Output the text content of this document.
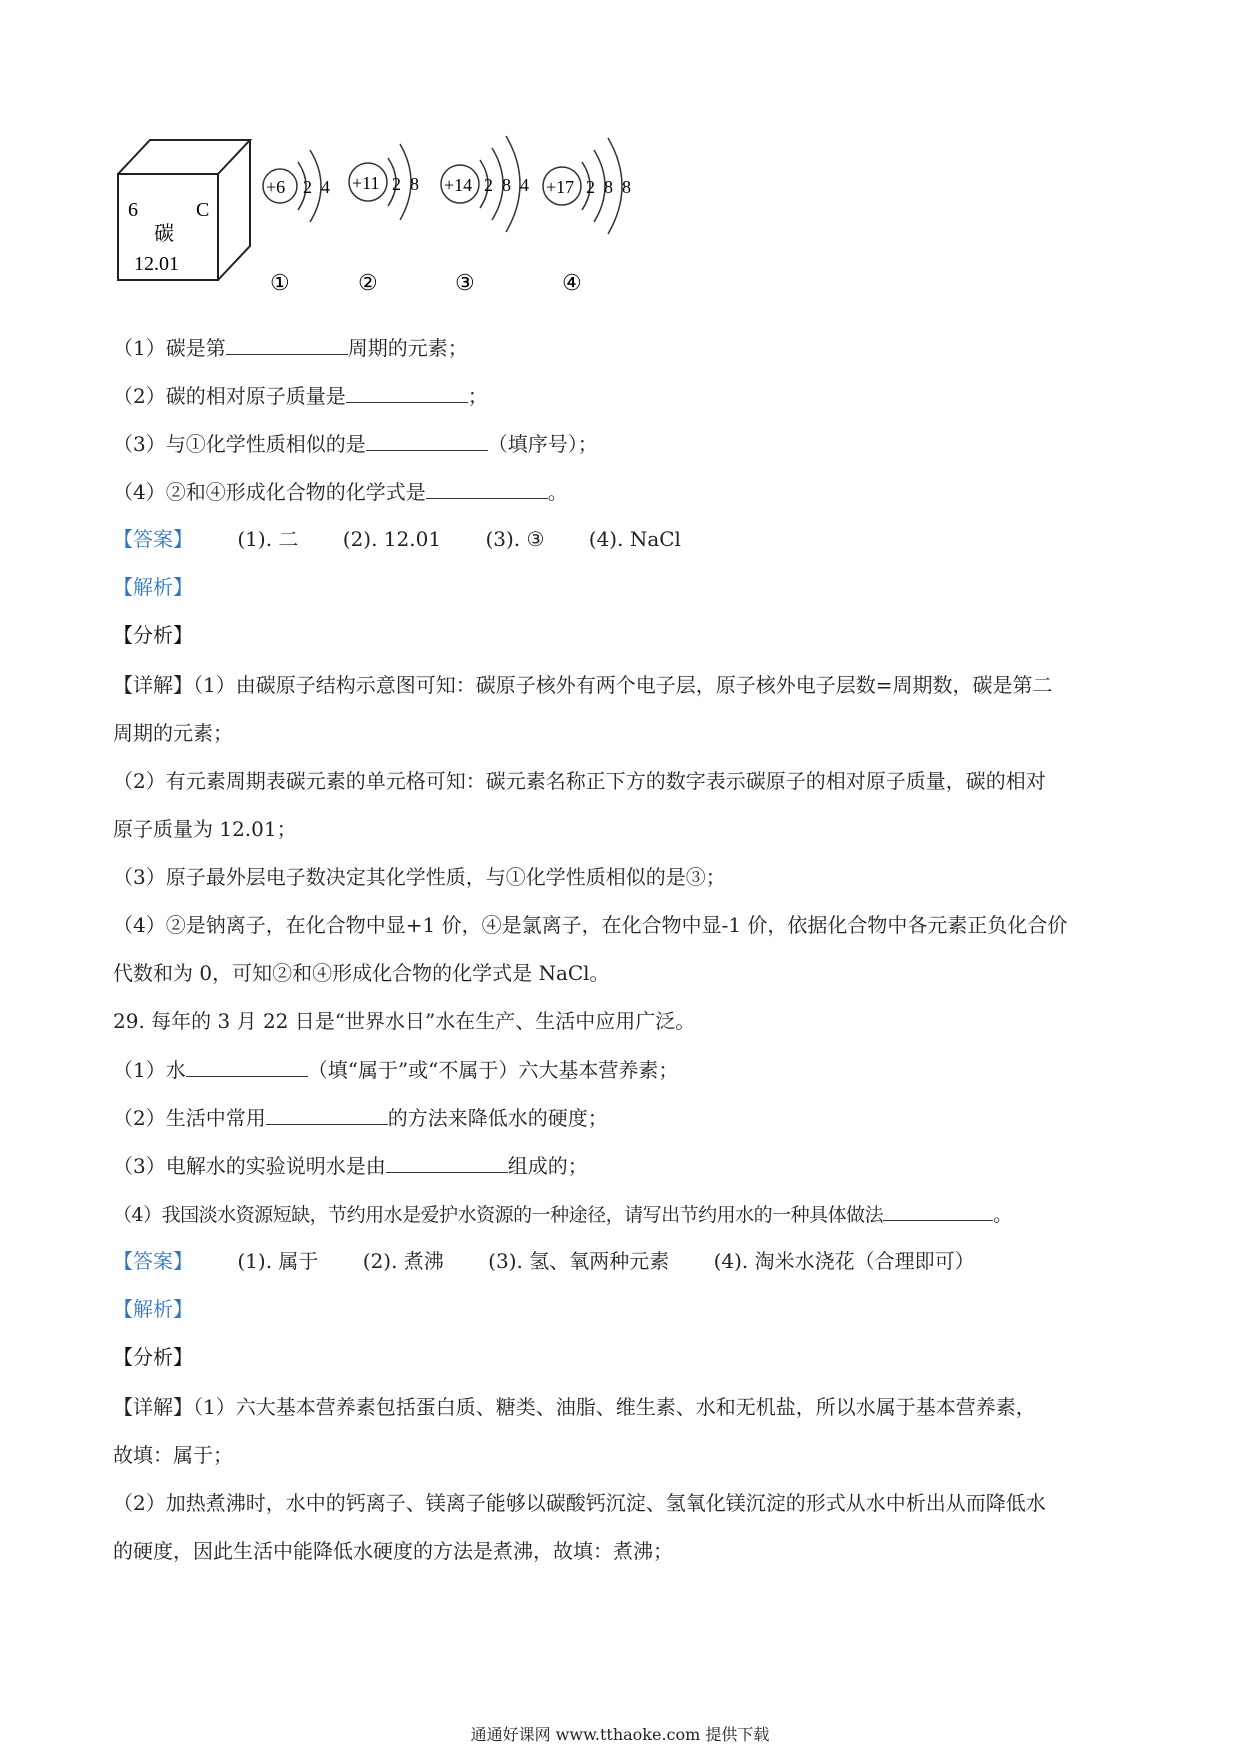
6	C
碳
12.01
+6 2 4
①
+11 2 8
②
+14 2 8 4
③
+17 2 8 8
④
（1）碳是第	周期的元素；
（2）碳的相对原子质量是	；
（3）与①化学性质相似的是	（填序号）；
（4）②和④形成化合物的化学式是	。
【答案】 (1). 二 (2). 12.01 (3). ③ (4). NaCl
【解析】
【分析】
【详解】（1）由碳原子结构示意图可知：碳原子核外有两个电子层，原子核外电子层数=周期数，碳是第二
周期的元素；
（2）有元素周期表碳元素的单元格可知：碳元素名称正下方的数字表示碳原子的相对原子质量，碳的相对
原子质量为 12.01；
（3）原子最外层电子数决定其化学性质，与①化学性质相似的是③；
（4）②是钠离子，在化合物中显+1 价，④是氯离子，在化合物中显-1 价，依据化合物中各元素正负化合价
代数和为 0，可知②和④形成化合物的化学式是 NaCl。
29. 每年的 3 月 22 日是“世界水日”水在生产、生活中应用广泛。
（1）水	（填“属于”或“不属于）六大基本营养素；
（2）生活中常用	的方法来降低水的硬度；
（3）电解水的实验说明水是由	组成的；
（4）我国淡水资源短缺，节约用水是爱护水资源的一种途径，请写出节约用水的一种具体做法	。
【答案】 (1). 属于 (2). 煮沸 (3). 氢、氧两种元素 (4). 淘米水浇花（合理即可）
【解析】
【分析】
【详解】（1）六大基本营养素包括蛋白质、糖类、油脂、维生素、水和无机盐，所以水属于基本营养素，
故填：属于；
（2）加热煮沸时，水中的钙离子、镁离子能够以碳酸钙沉淀、氢氧化镁沉淀的形式从水中析出从而降低水
的硬度，因此生活中能降低水硬度的方法是煮沸，故填：煮沸；
通通好课网 www.tthaoke.com 提供下载
